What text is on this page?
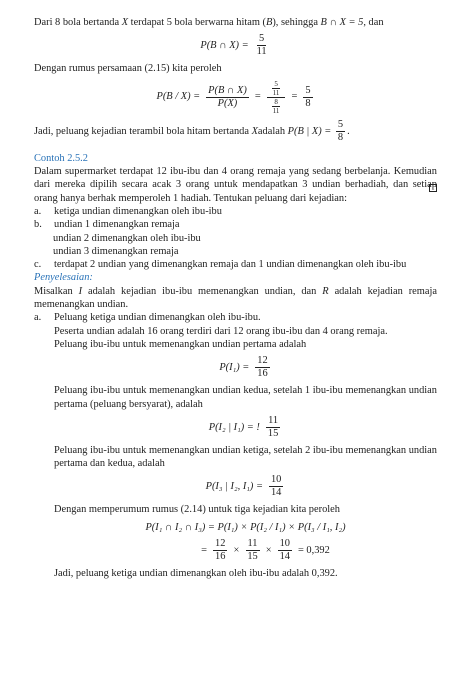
Dari 8 bola bertanda X terdapat 5 bola berwarna hitam (B), sehingga B ∩ X = 5, dan

P(B ∩ $X) = \frac{5}{11}$

Dengan rumus persamaan (2.15) kita peroleh

$P(B / X) = \frac{P(B \cap X)}{P(X)} = \frac{\frac{5}{11}}{\frac{8}{11}} = \frac{5}{8}$

Jadi, peluang kejadian terambil bola hitam bertanda
X adalah
P(B | X) =
$\frac{5}{8}$ .

Contoh 2.5.2

Dalam supermarket terdapat 12 ibu-ibu dan 4 orang remaja yang sedang berbelanja. Kemudian dari mereka dipilih secara acak 3 orang untuk mendapatkan 3 undian berhadiah, dan setiap orang hanya berhak memperoleh 1 hadiah. Tentukan peluang dari kejadian:

a.	ketiga undian dimenangkan oleh ibu-ibu
b.	undian 1 dimenangkan remaja

undian 2 dimenangkan oleh ibu-ibu

undian 3 dimenangkan remaja

c.	terdapat 2 undian yang dimenangkan remaja dan 1 undian dimenangkan oleh ibu-ibu

Penyelesaian:

Misalkan I adalah kejadian ibu-ibu memenangkan undian, dan R adalah kejadian remaja memenangkan undian.

a.	Peluang ketiga undian dimenangkan oleh ibu-ibu.

Peserta undian adalah 16 orang terdiri dari 12 orang ibu-ibu dan 4 orang remaja.

Peluang ibu-ibu untuk memenangkan undian pertama adalah

$P(I_1) = \frac{12}{16}$

Peluang ibu-ibu untuk memenangkan undian kedua, setelah 1 ibu-ibu memenangkan undian pertama (peluang bersyarat), adalah

P(I₂ | I₁) = ! $\frac{11}{15}$

Peluang ibu-ibu untuk memenangkan undian ketiga, setelah 2 ibu-ibu memenangkan undian pertama dan kedua, adalah

P(I₃ | I₂, $I_1) = \frac{10}{14}$

Dengan memperumum rumus (2.14) untuk tiga kejadian kita peroleh

P(I₁ ∩ I₂ ∩ I₃) = P(I₁) × P(I₂ / I₁) × P(I₃ / I₁, I₂)
= $\frac{12}{16} \times \frac{11}{15} \times \frac{10}{14} = 0,392$

Jadi, peluang ketiga undian dimenangkan oleh ibu-ibu adalah 0,392.
